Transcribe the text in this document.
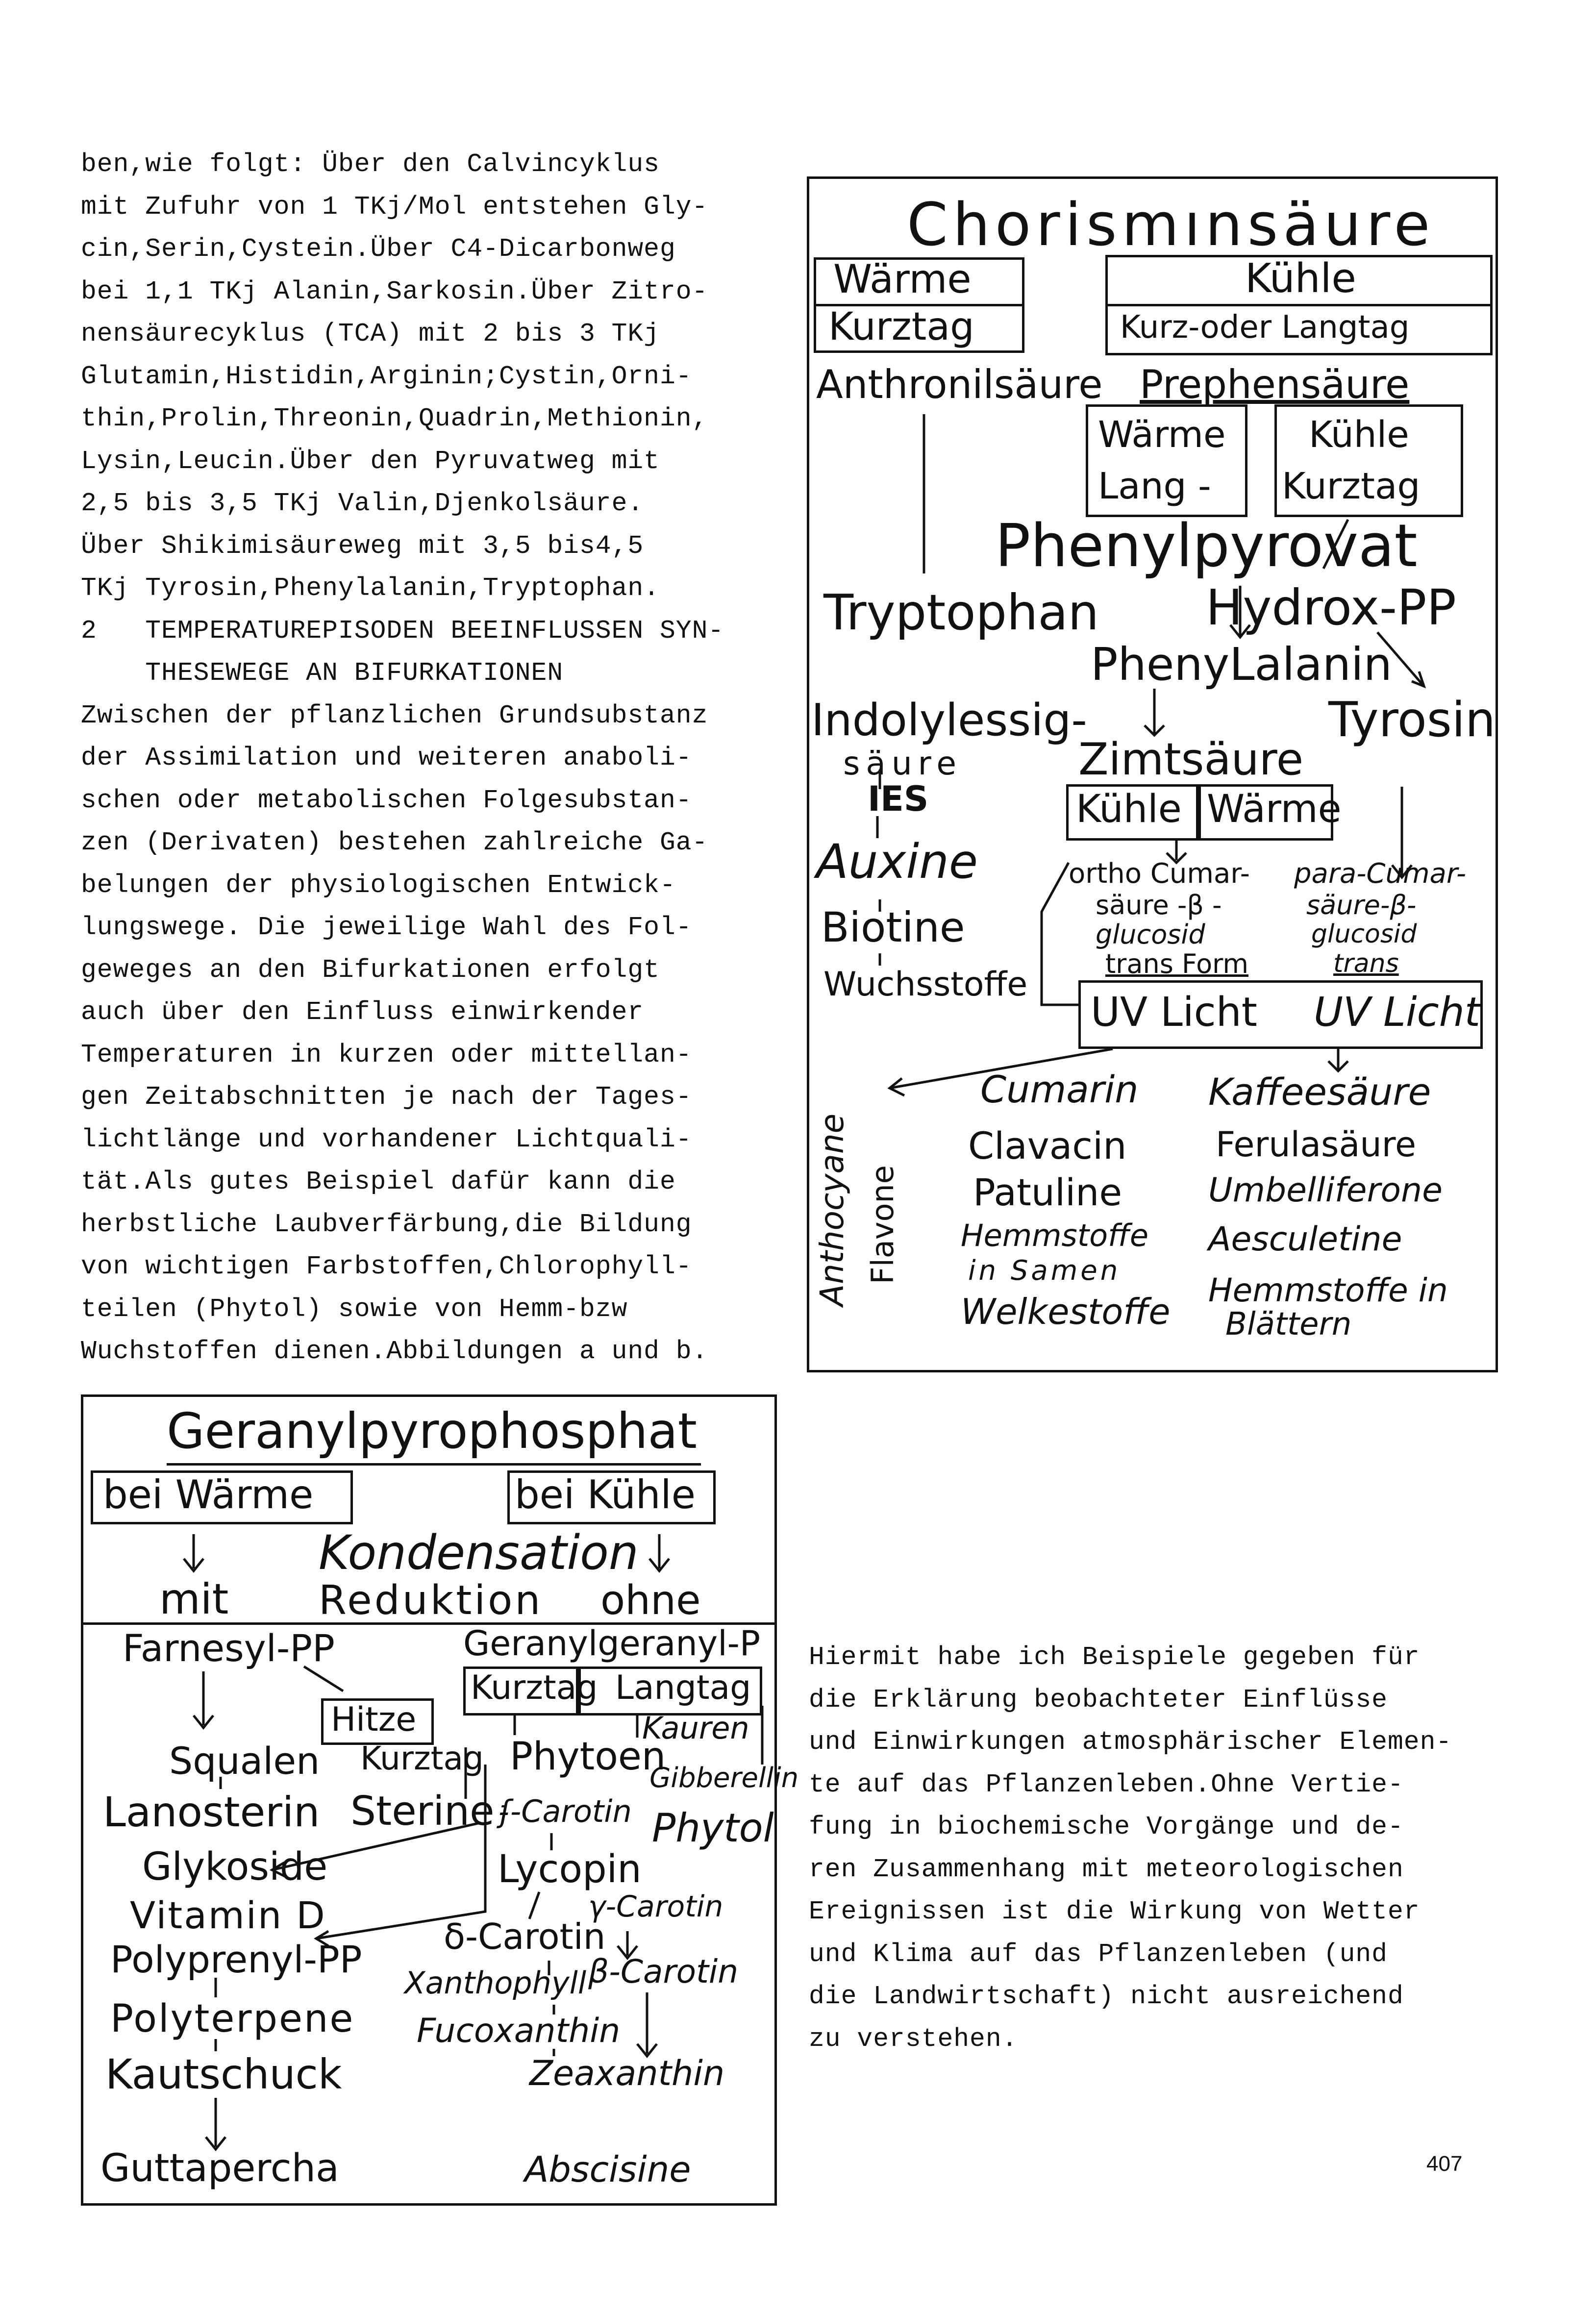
ben,wie folgt: Über den Calvincyklus
mit Zufuhr von 1 TKj/Mol entstehen Gly-
cin,Serin,Cystein.Über C4-Dicarbonweg
bei 1,1 TKj Alanin,Sarkosin.Über Zitro-
nensäurecyklus (TCA) mit 2 bis 3 TKj
Glutamin,Histidin,Arginin;Cystin,Orni-
thin,Prolin,Threonin,Quadrin,Methionin,
Lysin,Leucin.Über den Pyruvatweg mit
2,5 bis 3,5 TKj Valin,Djenkolsäure.
Über Shikimisäureweg mit 3,5 bis4,5
TKj Tyrosin,Phenylalanin,Tryptophan.
2   TEMPERATUREPISODEN BEEINFLUSSEN SYN-
THESEWEGE AN BIFURKATIONEN
Zwischen der pflanzlichen Grundsubstanz
der Assimilation und weiteren anaboli-
schen oder metabolischen Folgesubstan-
zen (Derivaten) bestehen zahlreiche Ga-
belungen der physiologischen Entwick-
lungswege. Die jeweilige Wahl des Fol-
geweges an den Bifurkationen erfolgt
auch über den Einfluss einwirkender
Temperaturen in kurzen oder mittellan-
gen Zeitabschnitten je nach der Tages-
lichtlänge und vorhandener Lichtquali-
tät.Als gutes Beispiel dafür kann die
herbstliche Laubverfärbung,die Bildung
von wichtigen Farbstoffen,Chlorophyll-
teilen (Phytol) sowie von Hemm-bzw
Wuchstoffen dienen.Abbildungen a und b.
Hiermit habe ich Beispiele gegeben für
die Erklärung beobachteter Einflüsse
und Einwirkungen atmosphärischer Elemen-
te auf das Pflanzenleben.Ohne Vertie-
fung in biochemische Vorgänge und de-
ren Zusammenhang mit meteorologischen
Ereignissen ist die Wirkung von Wetter
und Klima auf das Pflanzenleben (und
die Landwirtschaft) nicht ausreichend
zu verstehen.
Chorismınsäure
Wärme
Kurztag
Kühle
Kurz-oder Langtag
Anthronilsäure Prephensäure
Wärme
Lang -
Kühle
Kurztag
Phenylpyrovat
Tryptophan Hydrox-PP
PhenyLalanin
Indolylessig-	Tyrosin
säure	Zimtsäure
IES	Kühle Wärme
Auxine
Biotine
Wuchsstoffe
ortho Cumar-
säure -β -
glucosid
trans Form
para-Cumar-
säure-β-
glucosid
trans
UV Licht UV Licht
Anthocyane Flavone
Cumarin
Clavacin
Patuline
Hemmstoffe
in Samen
Welkestoffe
Kaffeesäure
Ferulasäure
Umbelliferone
Aesculetine
Hemmstoffe in
Blättern
Geranylpyrophosphat
bei Wärme	bei Kühle
Kondensation
mit Reduktion ohne
Farnesyl-PP	Geranylgeranyl-P
Kurztag Langtag
Hitze	Kauren
Squalen Kurztag Phytoen
Gibberellin
Lanosterin Sterine ʄ-Carotin Phytol
Glykoside	Lycopin
Vitamin D	γ-Carotin
δ-Carotin
Polyprenyl-PP	β-Carotin
Xanthophyll
Polyterpene Fucoxanthin
Kautschuck	Zeaxanthin
Guttapercha	Abscisine	407
